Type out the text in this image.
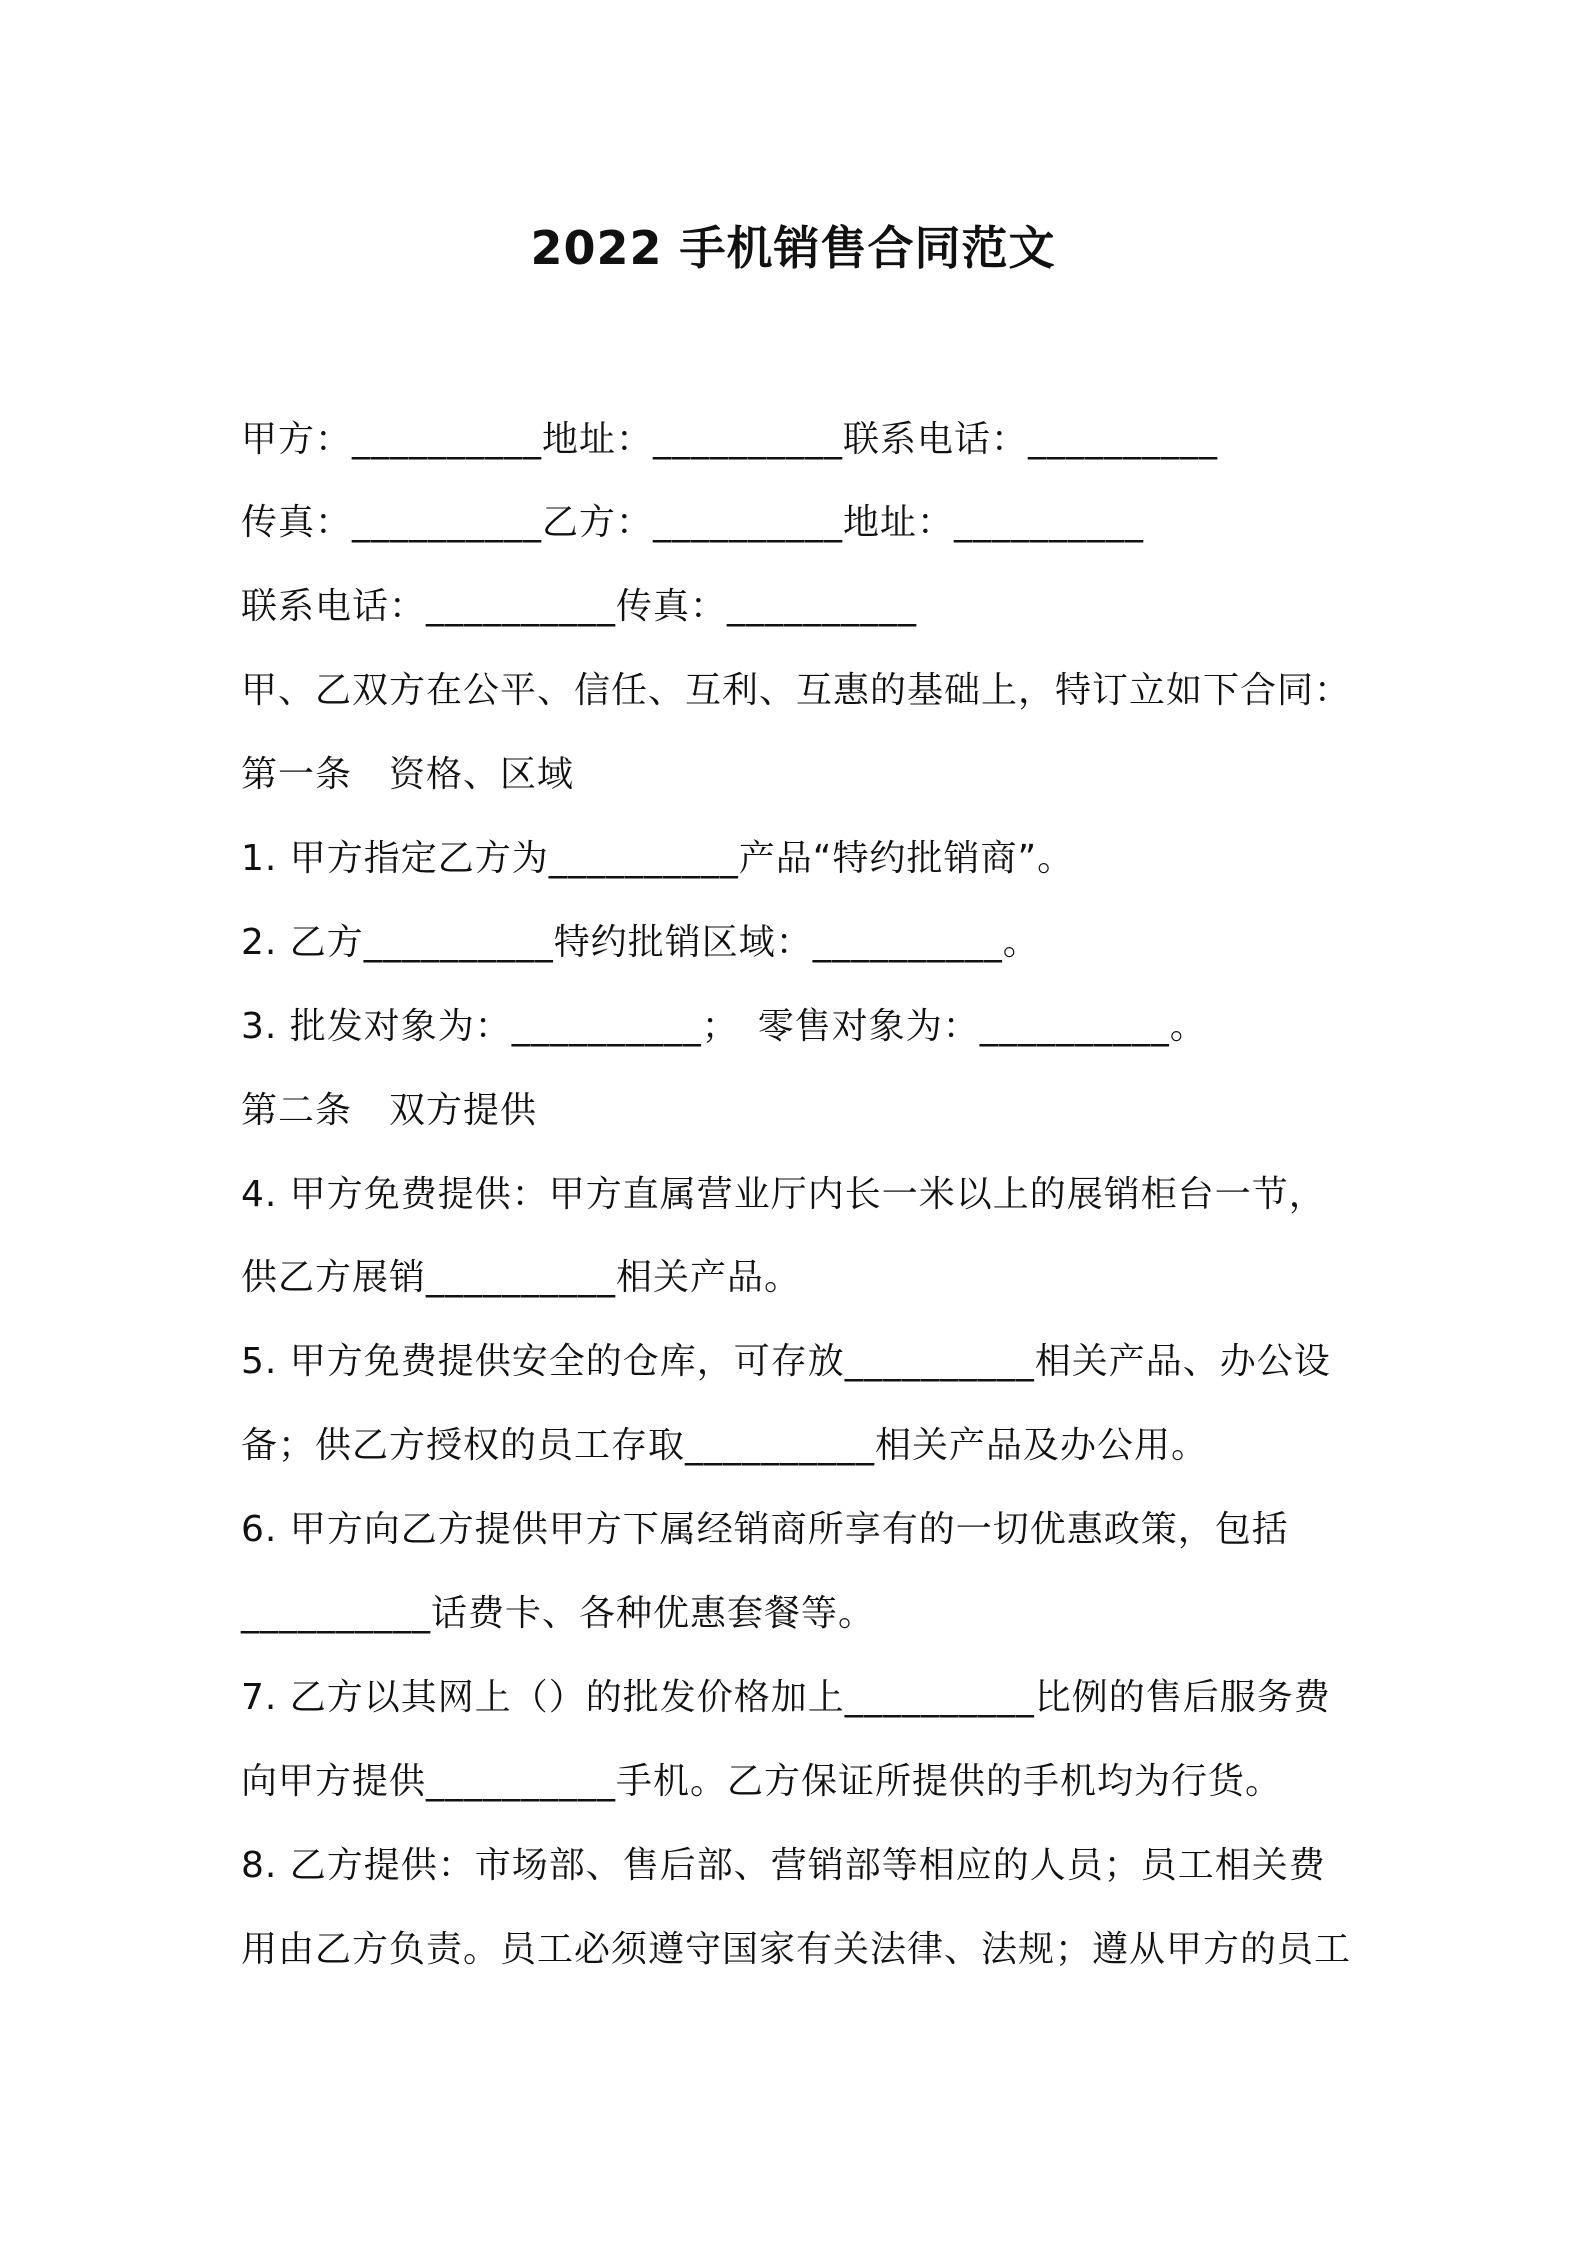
2022 手机销售合同范文
甲方：__________地址：__________联系电话：__________
传真：__________乙方：__________地址：__________
联系电话：__________传真：__________
甲、乙双方在公平、信任、互利、互惠的基础上，特订立如下合同：
第一条　资格、区域
1. 甲方指定乙方为__________产品“特约批销商”。
2. 乙方__________特约批销区域：__________。
3. 批发对象为：__________；　零售对象为：__________。
第二条　双方提供
4. 甲方免费提供：甲方直属营业厅内长一米以上的展销柜台一节，
供乙方展销__________相关产品。
5. 甲方免费提供安全的仓库，可存放__________相关产品、办公设
备；供乙方授权的员工存取__________相关产品及办公用。
6. 甲方向乙方提供甲方下属经销商所享有的一切优惠政策，包括
__________话费卡、各种优惠套餐等。
7. 乙方以其网上（）的批发价格加上__________比例的售后服务费
向甲方提供__________手机。乙方保证所提供的手机均为行货。
8. 乙方提供：市场部、售后部、营销部等相应的人员；员工相关费
用由乙方负责。员工必须遵守国家有关法律、法规；遵从甲方的员工
